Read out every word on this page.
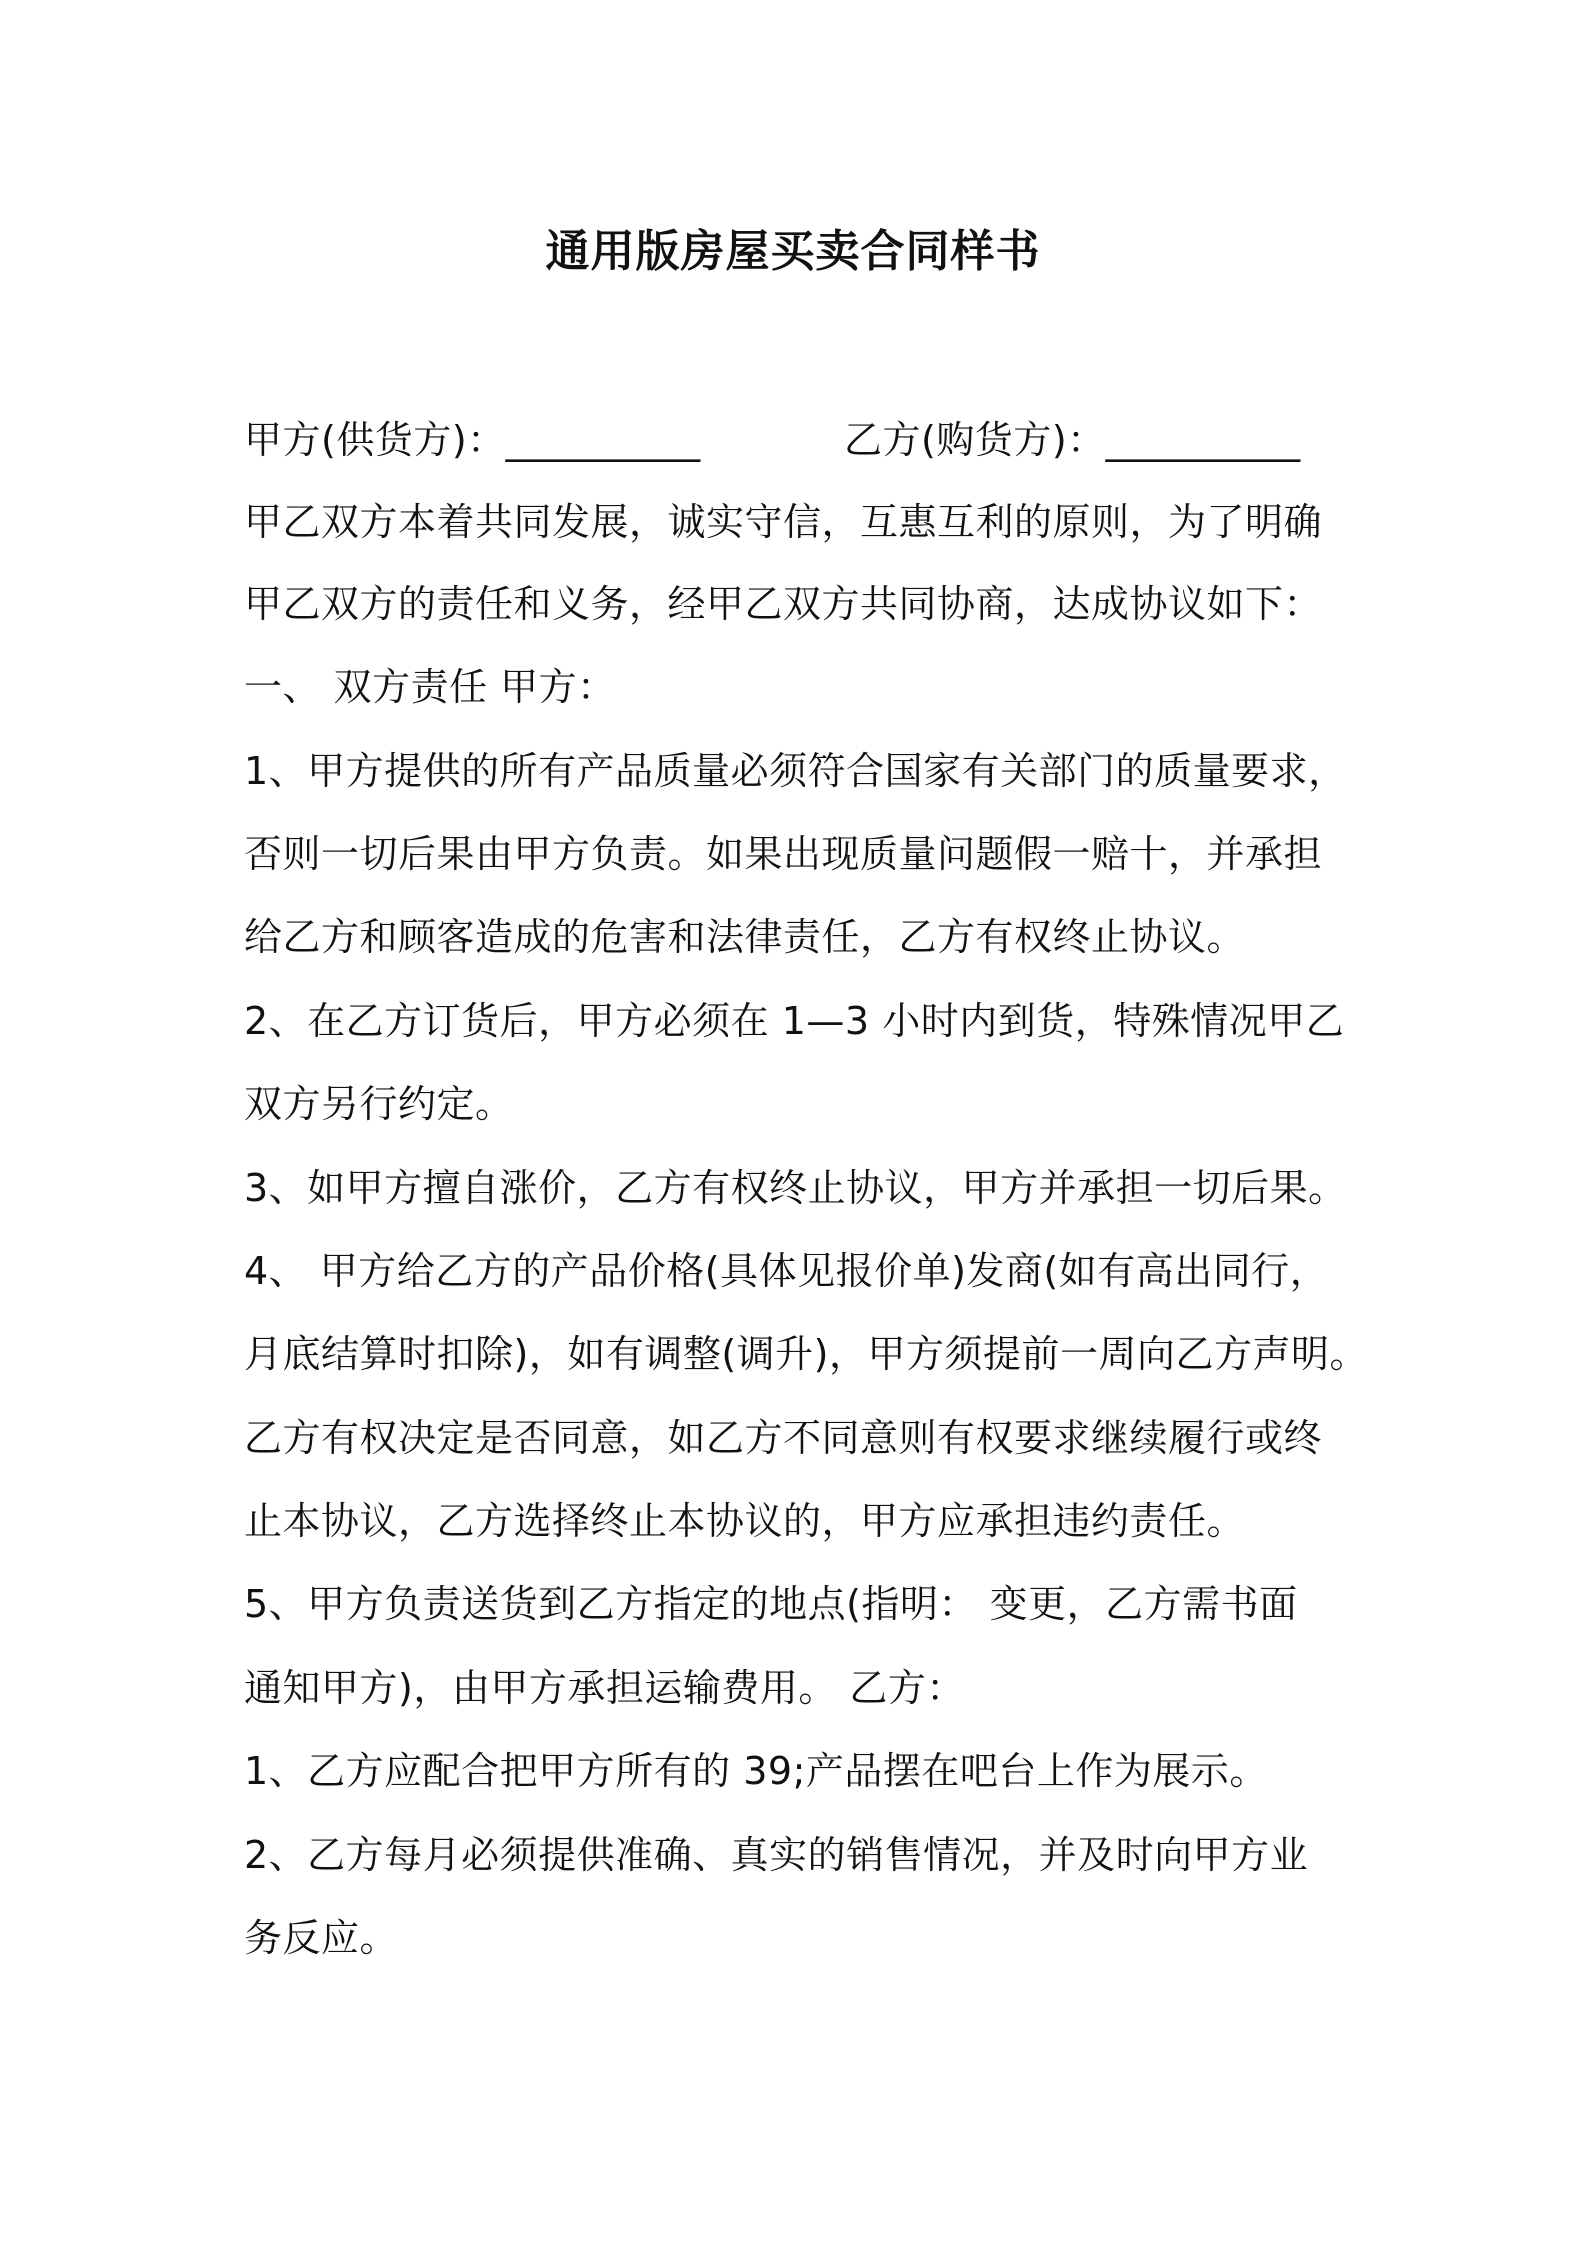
通用版房屋买卖合同样书
甲方(供货方)：__________	乙方(购货方)：__________
甲乙双方本着共同发展，诚实守信，互惠互利的原则，为了明确
甲乙双方的责任和义务，经甲乙双方共同协商，达成协议如下：
一、 双方责任 甲方：
1、甲方提供的所有产品质量必须符合国家有关部门的质量要求，
否则一切后果由甲方负责。如果出现质量问题假一赔十，并承担
给乙方和顾客造成的危害和法律责任，乙方有权终止协议。
2、在乙方订货后，甲方必须在 1—3 小时内到货，特殊情况甲乙
双方另行约定。
3、如甲方擅自涨价，乙方有权终止协议，甲方并承担一切后果。
4、 甲方给乙方的产品价格(具体见报价单)发商(如有高出同行，
月底结算时扣除)，如有调整(调升)，甲方须提前一周向乙方声明。
乙方有权决定是否同意，如乙方不同意则有权要求继续履行或终
止本协议，乙方选择终止本协议的，甲方应承担违约责任。
5、甲方负责送货到乙方指定的地点(指明： 变更，乙方需书面
通知甲方)，由甲方承担运输费用。 乙方：
1、乙方应配合把甲方所有的 39;产品摆在吧台上作为展示。
2、乙方每月必须提供准确、真实的销售情况，并及时向甲方业
务反应。
